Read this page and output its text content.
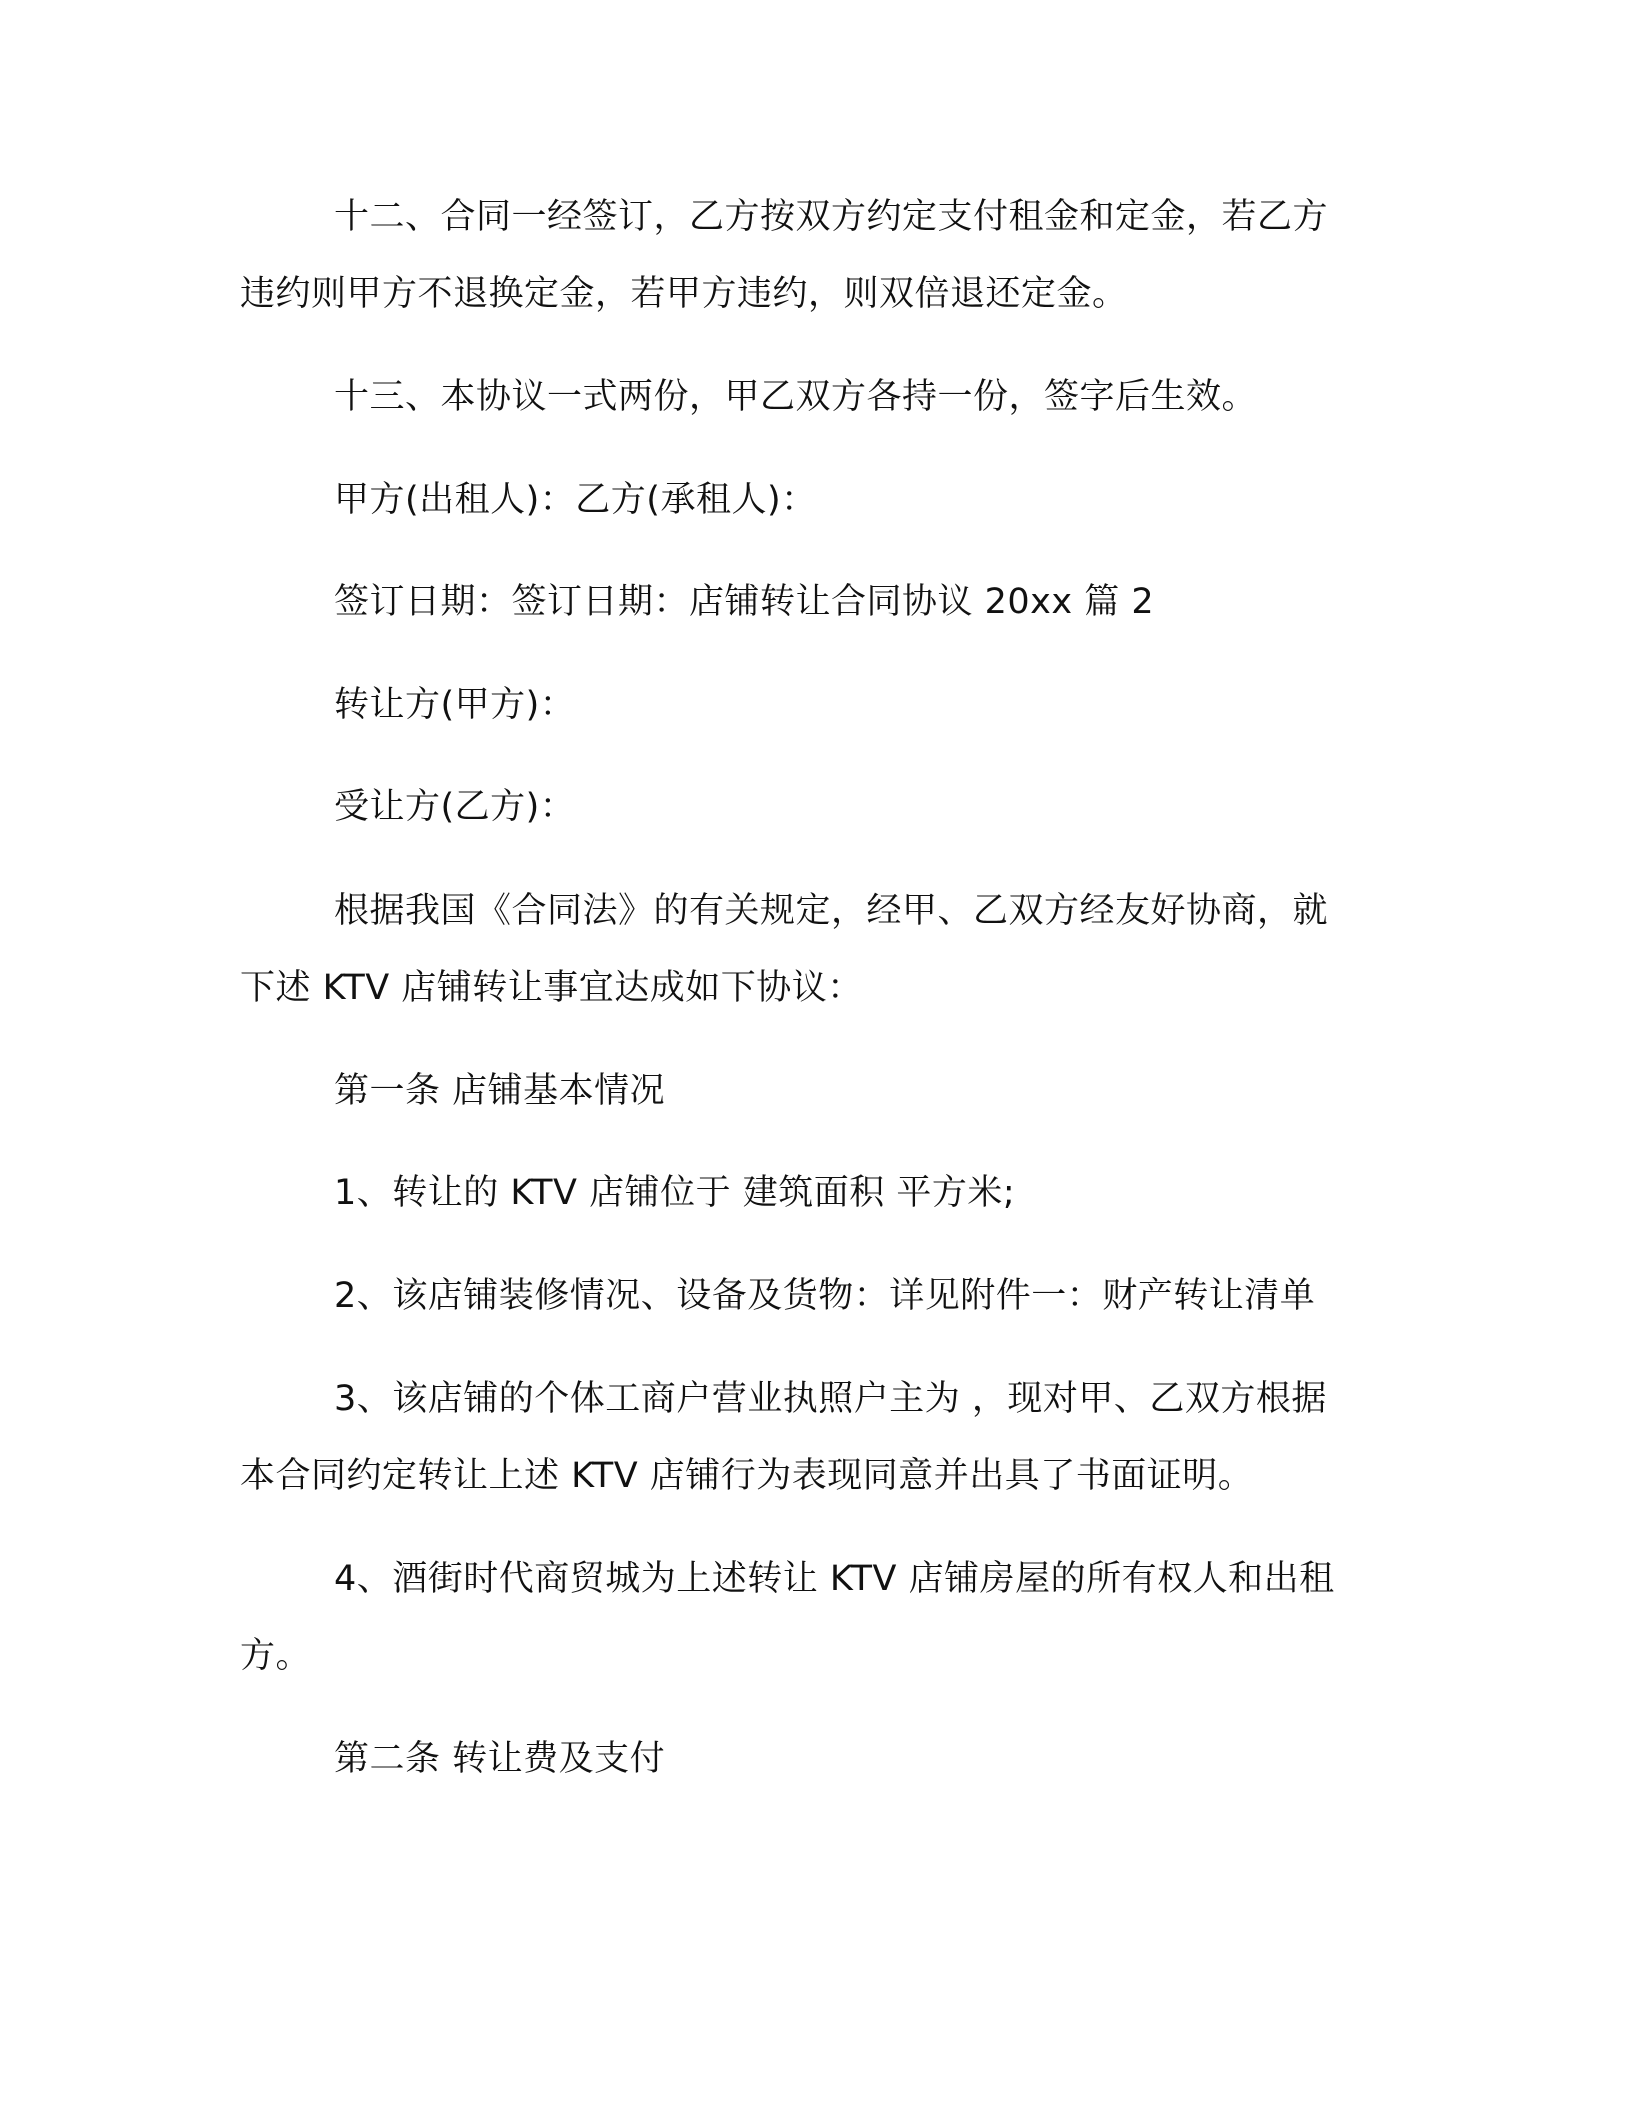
十二、合同一经签订，乙方按双方约定支付租金和定金，若乙方
违约则甲方不退换定金，若甲方违约，则双倍退还定金。
十三、本协议一式两份，甲乙双方各持一份，签字后生效。
甲方(出租人)：乙方(承租人)：
签订日期：签订日期：店铺转让合同协议 20xx 篇 2
转让方(甲方)：
受让方(乙方)：
根据我国《合同法》的有关规定，经甲、乙双方经友好协商，就
下述 KTV 店铺转让事宜达成如下协议：
第一条 店铺基本情况
1、转让的 KTV 店铺位于 建筑面积 平方米;
2、该店铺装修情况、设备及货物：详见附件一：财产转让清单
3、该店铺的个体工商户营业执照户主为 ，现对甲、乙双方根据
本合同约定转让上述 KTV 店铺行为表现同意并出具了书面证明。
4、酒街时代商贸城为上述转让 KTV 店铺房屋的所有权人和出租
方。
第二条 转让费及支付
